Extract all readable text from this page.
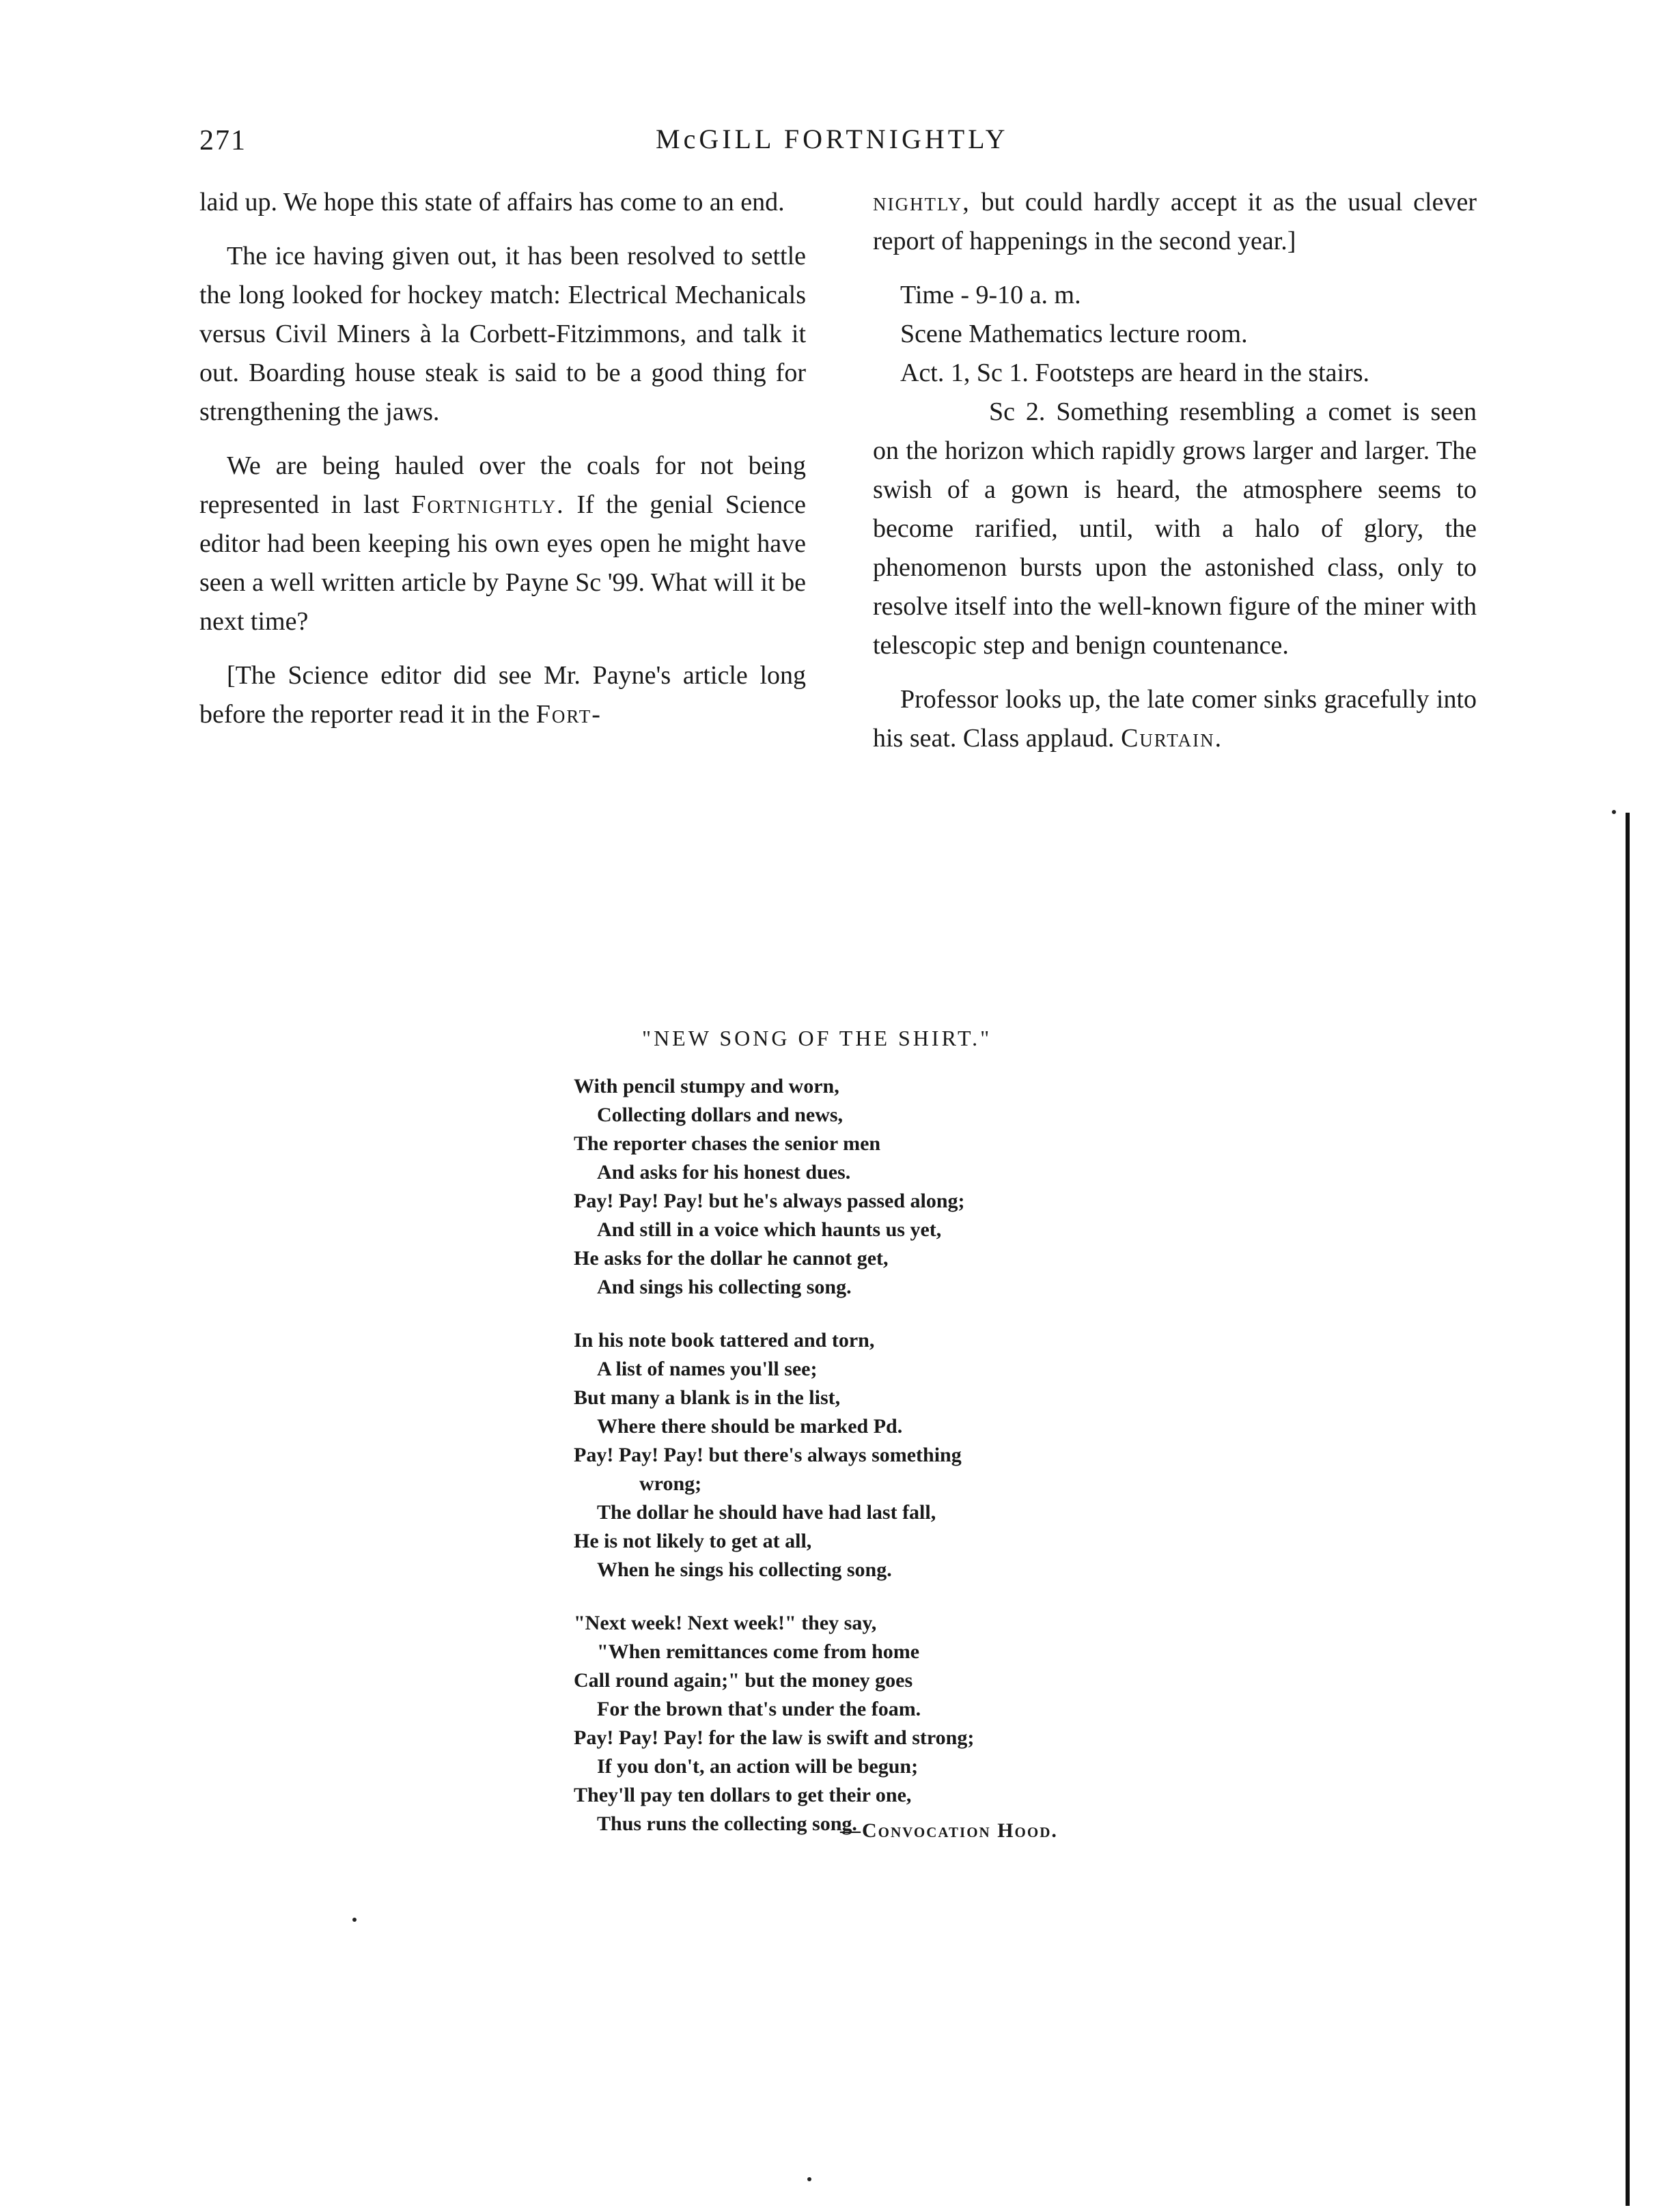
271	McGILL FORTNIGHTLY

laid up. We hope this state of affairs has come to an end.

The ice having given out, it has been resolved to settle the long looked for hockey match: Electrical Mechanicals versus Civil Miners à la Corbett-Fitzimmons, and talk it out. Boarding house steak is said to be a good thing for strengthening the jaws.

We are being hauled over the coals for not being represented in last Fortnightly. If the genial Science editor had been keeping his own eyes open he might have seen a well written article by Payne Sc '99. What will it be next time?

[The Science editor did see Mr. Payne's article long before the reporter read it in the Fort-

nightly, but could hardly accept it as the usual clever report of happenings in the second year.]

Time - 9-10 a. m.

Scene Mathematics lecture room.

Act. 1, Sc 1. Footsteps are heard in the stairs.

Sc 2. Something resembling a comet is seen on the horizon which rapidly grows larger and larger. The swish of a gown is heard, the atmosphere seems to become rarified, until, with a halo of glory, the phenomenon bursts upon the astonished class, only to resolve itself into the well-known figure of the miner with telescopic step and benign countenance.

Professor looks up, the late comer sinks gracefully into his seat. Class applaud. Curtain.

"NEW SONG OF THE SHIRT."
With pencil stumpy and worn,
Collecting dollars and news,
The reporter chases the senior men
And asks for his honest dues.
Pay! Pay! Pay! but he's always passed along;
And still in a voice which haunts us yet,
He asks for the dollar he cannot get,
And sings his collecting song.
In his note book tattered and torn,
A list of names you'll see;
But many a blank is in the list,
Where there should be marked Pd.
Pay! Pay! Pay! but there's always something
wrong;
The dollar he should have had last fall,
He is not likely to get at all,
When he sings his collecting song.
"Next week! Next week!" they say,
"When remittances come from home
Call round again;" but the money goes
For the brown that's under the foam.
Pay! Pay! Pay! for the law is swift and strong;
If you don't, an action will be begun;
They'll pay ten dollars to get their one,
Thus runs the collecting song.
—Convocation Hood.
